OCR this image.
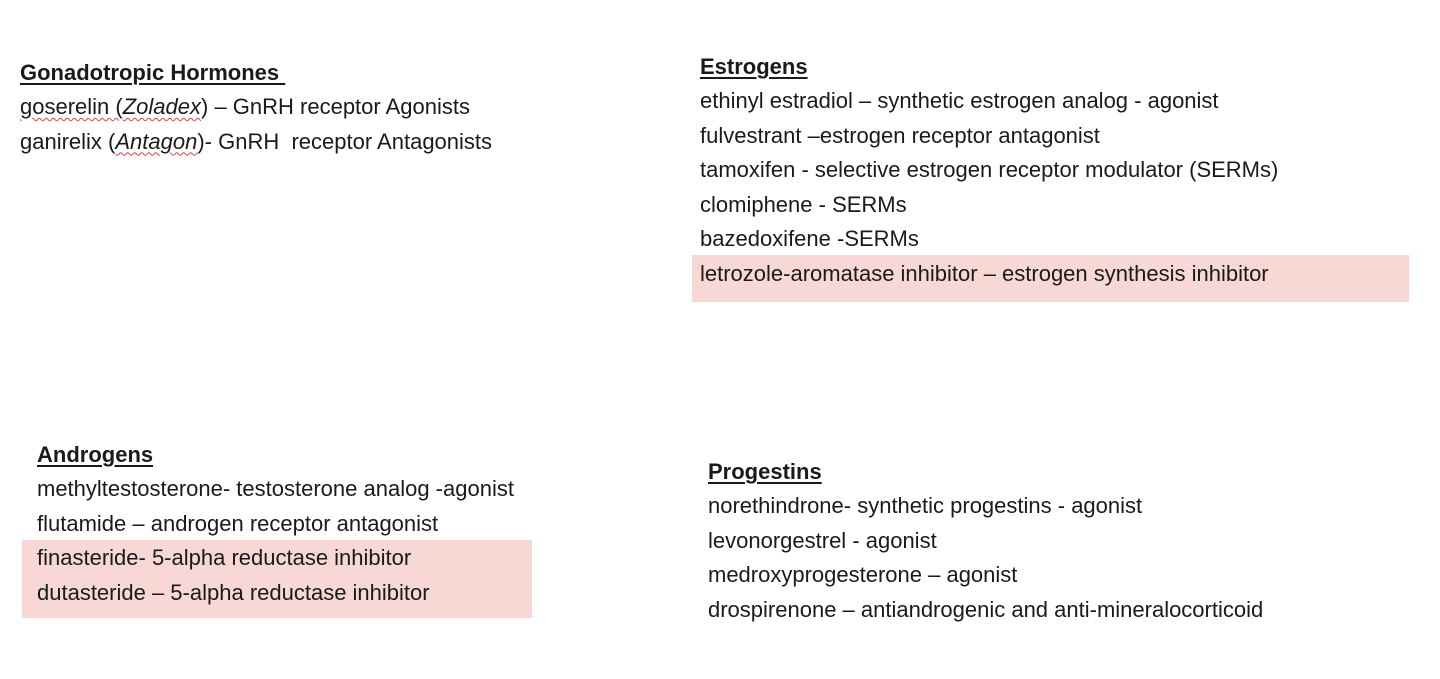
Gonadotropic Hormones
goserelin (Zoladex) – GnRH receptor Agonists
ganirelix (Antagon)- GnRH  receptor Antagonists
Estrogens
ethinyl estradiol – synthetic estrogen analog - agonist
fulvestrant –estrogen receptor antagonist
tamoxifen - selective estrogen receptor modulator (SERMs)
clomiphene - SERMs
bazedoxifene -SERMs
letrozole-aromatase inhibitor – estrogen synthesis inhibitor
Androgens
methyltestosterone- testosterone analog -agonist
flutamide – androgen receptor antagonist
finasteride- 5-alpha reductase inhibitor
dutasteride – 5-alpha reductase inhibitor
Progestins
norethindrone- synthetic progestins - agonist
levonorgestrel - agonist
medroxyprogesterone – agonist
drospirenone – antiandrogenic and anti-mineralocorticoid
